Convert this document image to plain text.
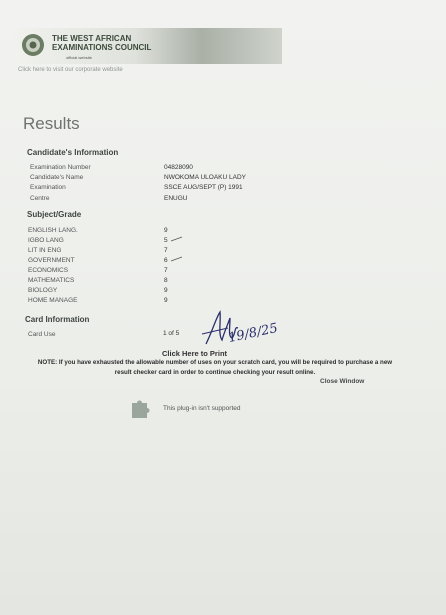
THE WEST AFRICAN
EXAMINATIONS COUNCIL
official website
Click here to visit our corporate website
Results
Candidate's Information
Examination Number	04828090
Candidate's Name	NWOKOMA ULOAKU LADY
Examination	SSCE AUG/SEPT (P) 1991
Centre	ENUGU
Subject/Grade
ENGLISH LANG.	9
IGBO LANG	5
LIT IN ENG	7
GOVERNMENT	6
ECONOMICS	7
MATHEMATICS	8
BIOLOGY	9
HOME MANAGE	9
Card Information
Card Use	1 of 5	19/8/25
Click Here to Print
NOTE: If you have exhausted the allowable number of uses on your scratch card, you will be required to purchase a new result checker card in order to continue checking your result online.
Close Window
This plug-in isn't supported
